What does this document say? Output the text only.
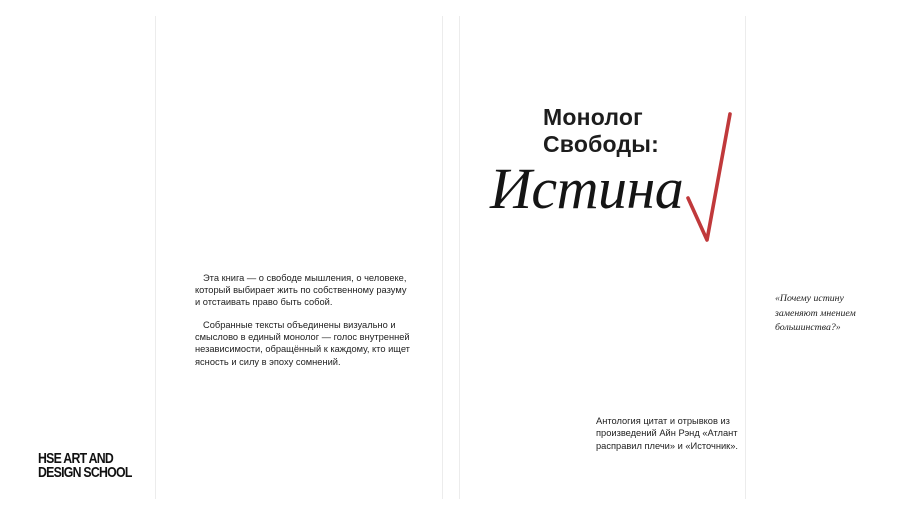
Эта книга — о свободе мышления, о человеке, который выбирает жить по собственному разуму и отстаивать право быть собой.

Собранные тексты объединены визуально и смыслово в единый монолог — голос внутренней независимости, обращённый к каждому, кто ищет ясность и силу в эпоху сомнений.

HSE ART AND
DESIGN SCHOOL
Монолог
Свободы:
Истина
«Почему истину заменяют мнением большинства?»
Антология цитат и отрывков из произведений Айн Рэнд «Атлант расправил плечи» и «Источник».
